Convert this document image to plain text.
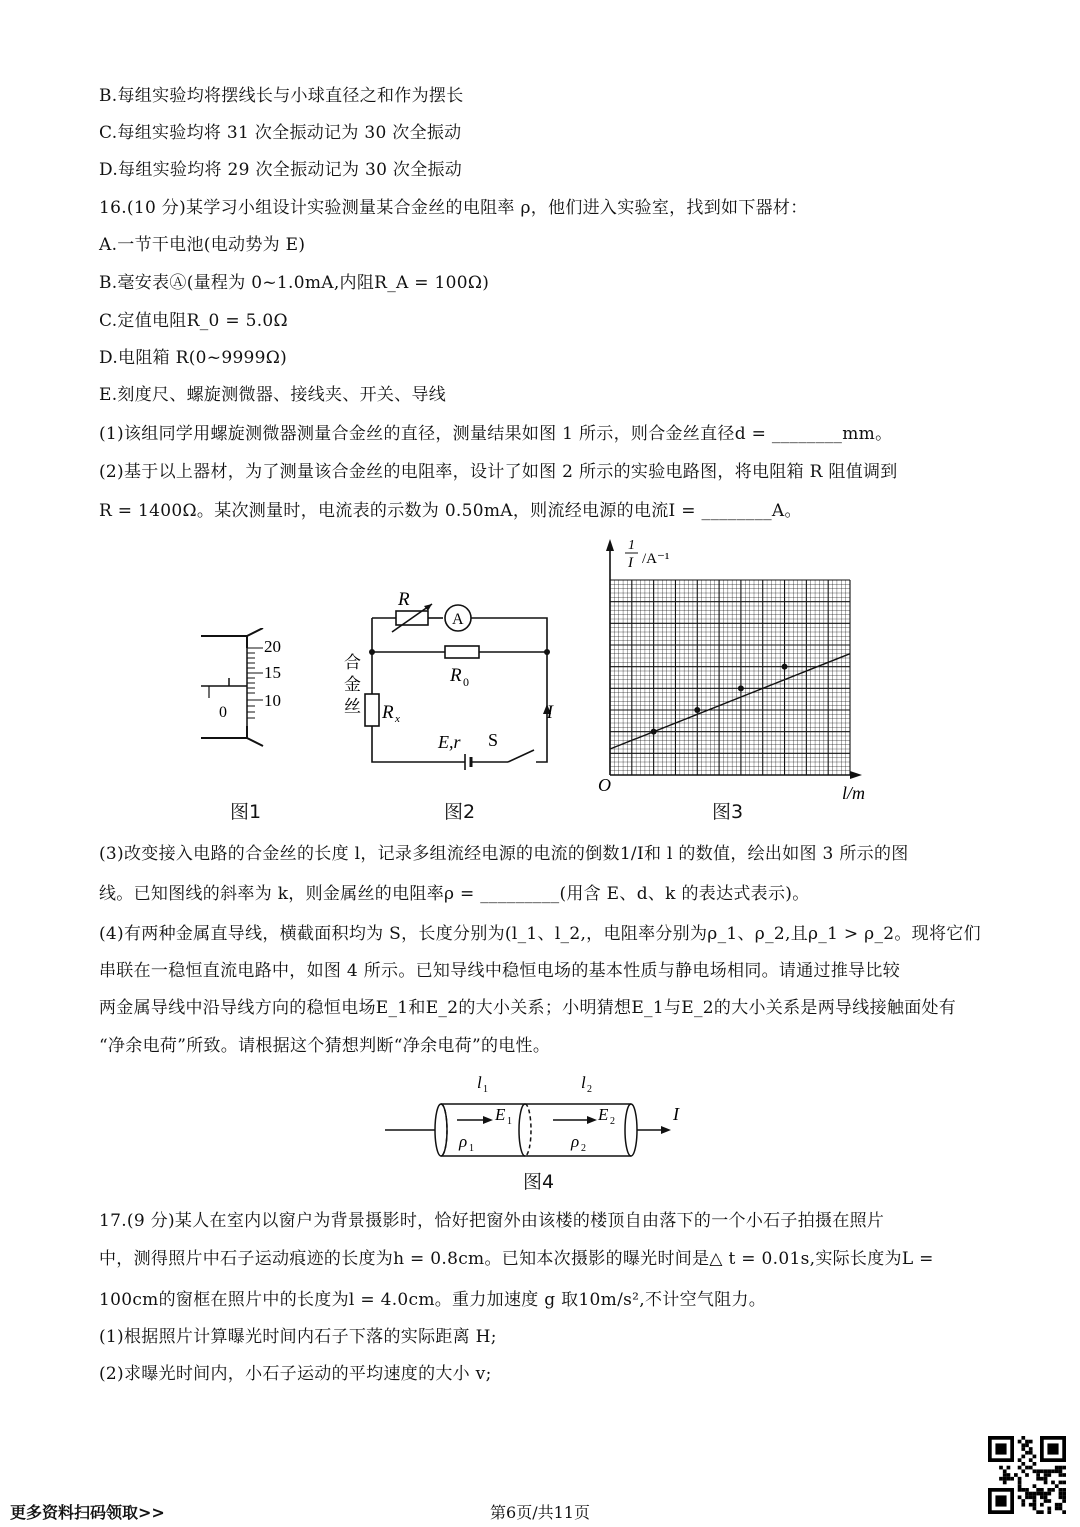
B.每组实验均将摆线长与小球直径之和作为摆长
C.每组实验均将 31 次全振动记为 30 次全振动
D.每组实验均将 29 次全振动记为 30 次全振动
16.(10 分)某学习小组设计实验测量某合金丝的电阻率 ρ，他们进入实验室，找到如下器材：
A.一节干电池(电动势为 E)
B.毫安表Ⓐ(量程为 0~1.0mA,内阻R_A = 100Ω)
C.定值电阻R_0 = 5.0Ω
D.电阻箱 R(0~9999Ω)
E.刻度尺、螺旋测微器、接线夹、开关、导线
(1)该组同学用螺旋测微器测量合金丝的直径，测量结果如图 1 所示，则合金丝直径d = ________mm。
(2)基于以上器材，为了测量该合金丝的电阻率，设计了如图 2 所示的实验电路图，将电阻箱 R 阻值调到
R = 1400Ω。某次测量时，电流表的示数为 0.50mA，则流经电源的电流I = ________A。
20
15
10
0
图1
R
A
R 0
合
金
丝 R x
E,r S
I
图2
1
I /A⁻¹
O	l/m
图3
(3)改变接入电路的合金丝的长度 l，记录多组流经电源的电流的倒数1/I和 l 的数值，绘出如图 3 所示的图
线。已知图线的斜率为 k，则金属丝的电阻率ρ = _________(用含 E、d、k 的表达式表示)。
(4)有两种金属直导线，横截面积均为 S，长度分别为(l_1、l_2,，电阻率分别为ρ_1、ρ_2,且ρ_1 > ρ_2。现将它们
串联在一稳恒直流电路中，如图 4 所示。已知导线中稳恒电场的基本性质与静电场相同。请通过推导比较
两金属导线中沿导线方向的稳恒电场E_1和E_2的大小关系；小明猜想E_1与E_2的大小关系是两导线接触面处有
“净余电荷”所致。请根据这个猜想判断“净余电荷”的电性。
l 1	l 2
E 1	E 2
ρ 1	ρ 2
I
图4
17.(9 分)某人在室内以窗户为背景摄影时，恰好把窗外由该楼的楼顶自由落下的一个小石子拍摄在照片
中，测得照片中石子运动痕迹的长度为h = 0.8cm。已知本次摄影的曝光时间是△ t = 0.01s,实际长度为L =
100cm的窗框在照片中的长度为l = 4.0cm。重力加速度 g 取10m/s²,不计空气阻力。
(1)根据照片计算曝光时间内石子下落的实际距离 H;
(2)求曝光时间内，小石子运动的平均速度的大小 v;
更多资料扫码领取>>	第6页/共11页
